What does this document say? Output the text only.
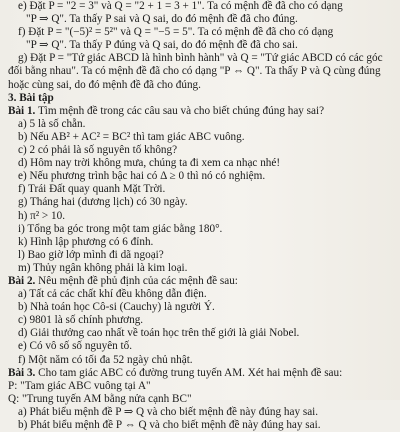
e) Đặt P = "2 = 3" và Q = "2 + 1 = 3 + 1". Ta có mệnh đề đã cho có dạng
"P ⇒ Q". Ta thấy P sai và Q sai, do đó mệnh đề đã cho đúng.
f) Đặt P = "(−5)² = 5²" và Q = "−5 = 5". Ta có mệnh đề đã cho có dạng
"P ⇒ Q". Ta thấy P đúng và Q sai, do đó mệnh đề đã cho sai.
g) Đặt P = "Tứ giác ABCD là hình bình hành" và Q = "Tứ giác ABCD có các góc
đối bằng nhau". Ta có mệnh đề đã cho có dạng "P ⇔ Q". Ta thấy P và Q cùng đúng
hoặc cùng sai, do đó mệnh đề đã cho đúng.
3. Bài tập
Bài 1. Tìm mệnh đề trong các câu sau và cho biết chúng đúng hay sai?
a) 5 là số chẵn.
b) Nếu AB² + AC² = BC² thì tam giác ABC vuông.
c) 2 có phải là số nguyên tố không?
d) Hôm nay trời không mưa, chúng ta đi xem ca nhạc nhé!
e) Nếu phương trình bậc hai có Δ ≥ 0 thì nó có nghiệm.
f) Trái Đất quay quanh Mặt Trời.
g) Tháng hai (dương lịch) có 30 ngày.
h) π² > 10.
i) Tổng ba góc trong một tam giác bằng 180°.
k) Hình lập phương có 6 đỉnh.
l) Bao giờ lớp mình đi dã ngoại?
m) Thủy ngân không phải là kim loại.
Bài 2. Nêu mệnh đề phủ định của các mệnh đề sau:
a) Tất cả các chất khí đều không dẫn điện.
b) Nhà toán học Cô-si (Cauchy) là người Ý.
c) 9801 là số chính phương.
d) Giải thưởng cao nhất về toán học trên thế giới là giải Nobel.
e) Có vô số số nguyên tố.
f) Một năm có tối đa 52 ngày chủ nhật.
Bài 3. Cho tam giác ABC có đường trung tuyến AM. Xét hai mệnh đề sau:
P: "Tam giác ABC vuông tại A"
Q: "Trung tuyến AM bằng nửa cạnh BC"
a) Phát biểu mệnh đề P ⇒ Q và cho biết mệnh đề này đúng hay sai.
b) Phát biểu mệnh đề P ⇔ Q và cho biết mệnh đề này đúng hay sai.
